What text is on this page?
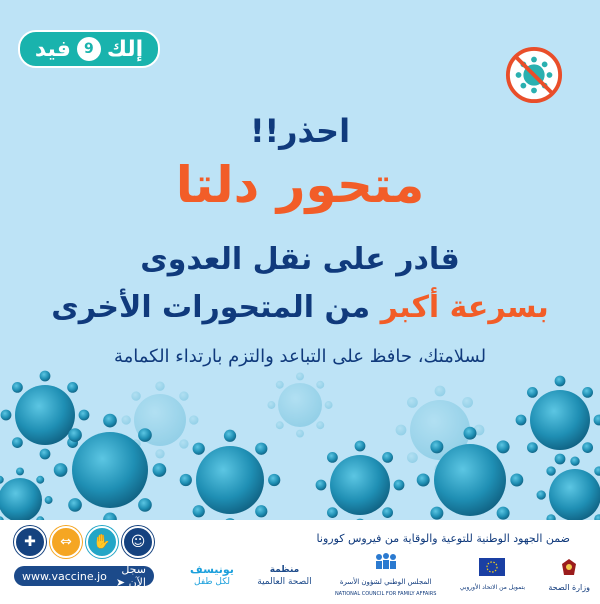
إلك
9
فيد
احذر!!
متحور دلتا
قادر على نقل العدوى
بسرعة أكبر من المتحورات الأخرى
لسلامتك، حافظ على التباعد والتزم بارتداء الكمامة
✚	⇔	✋	☺
www.vaccine.jo	سجل الآن ➤
ضمن الجهود الوطنية للتوعية والوقاية من فيروس كورونا
يونيسف
لكل طفل
منظمة
الصحة العالمية	المجلس الوطني لشؤون الأسرة
NATIONAL COUNCIL FOR FAMILY AFFAIRS
بتمويل من الاتحاد الأوروبي	وزارة الصحة
